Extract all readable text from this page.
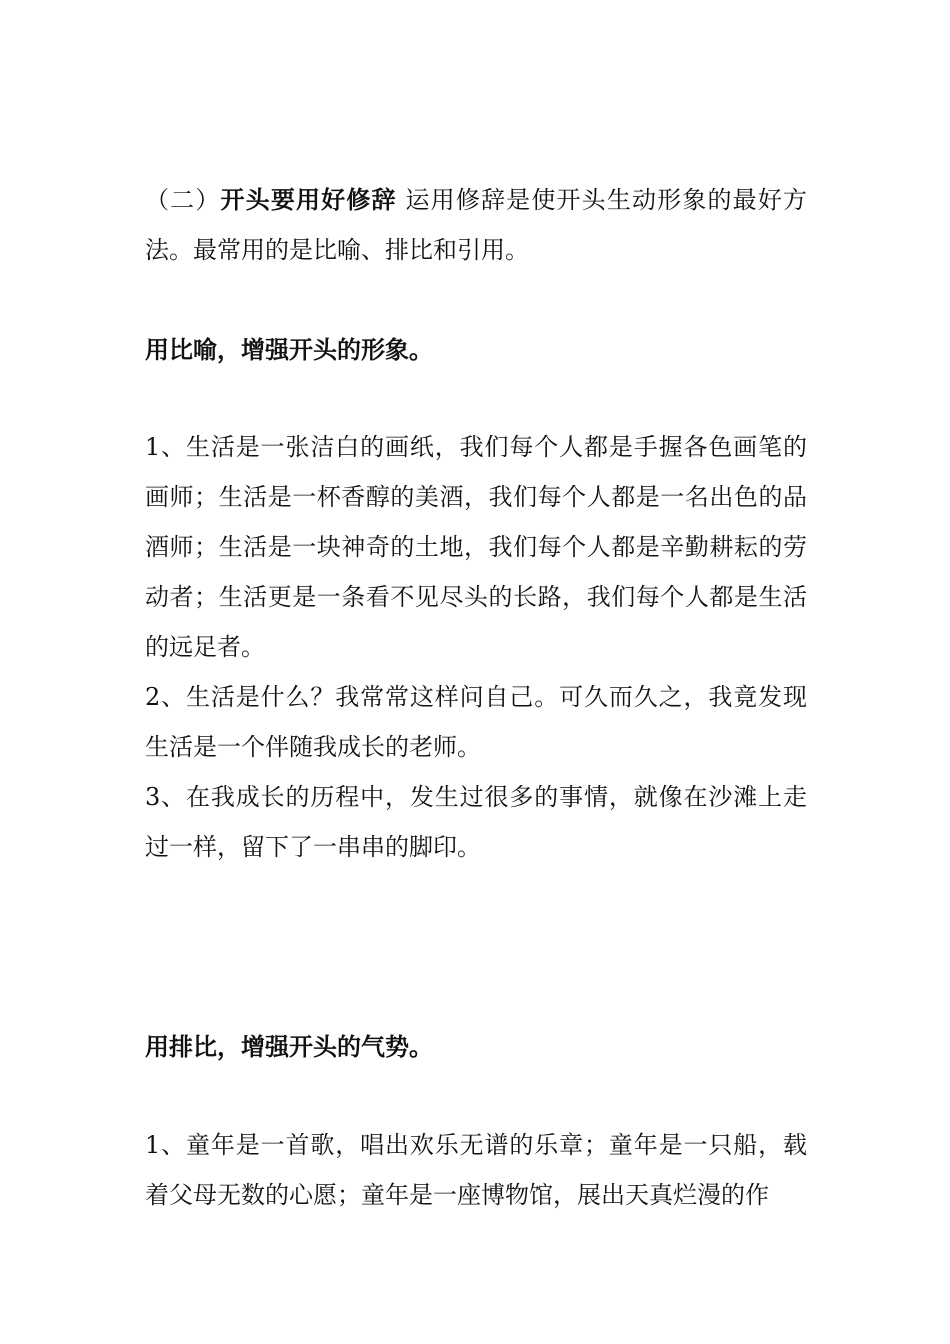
（二）开头要用好修辞 运用修辞是使开头生动形象的最好方法。最常用的是比喻、排比和引用。

用比喻，增强开头的形象。
1、生活是一张洁白的画纸，我们每个人都是手握各色画笔的画师；生活是一杯香醇的美酒，我们每个人都是一名出色的品酒师；生活是一块神奇的土地，我们每个人都是辛勤耕耘的劳动者；生活更是一条看不见尽头的长路，我们每个人都是生活的远足者。
2、生活是什么？我常常这样问自己。可久而久之，我竟发现生活是一个伴随我成长的老师。
3、在我成长的历程中，发生过很多的事情，就像在沙滩上走过一样，留下了一串串的脚印。
用排比，增强开头的气势。
1、童年是一首歌，唱出欢乐无谱的乐章；童年是一只船，载着父母无数的心愿；童年是一座博物馆，展出天真烂漫的作
